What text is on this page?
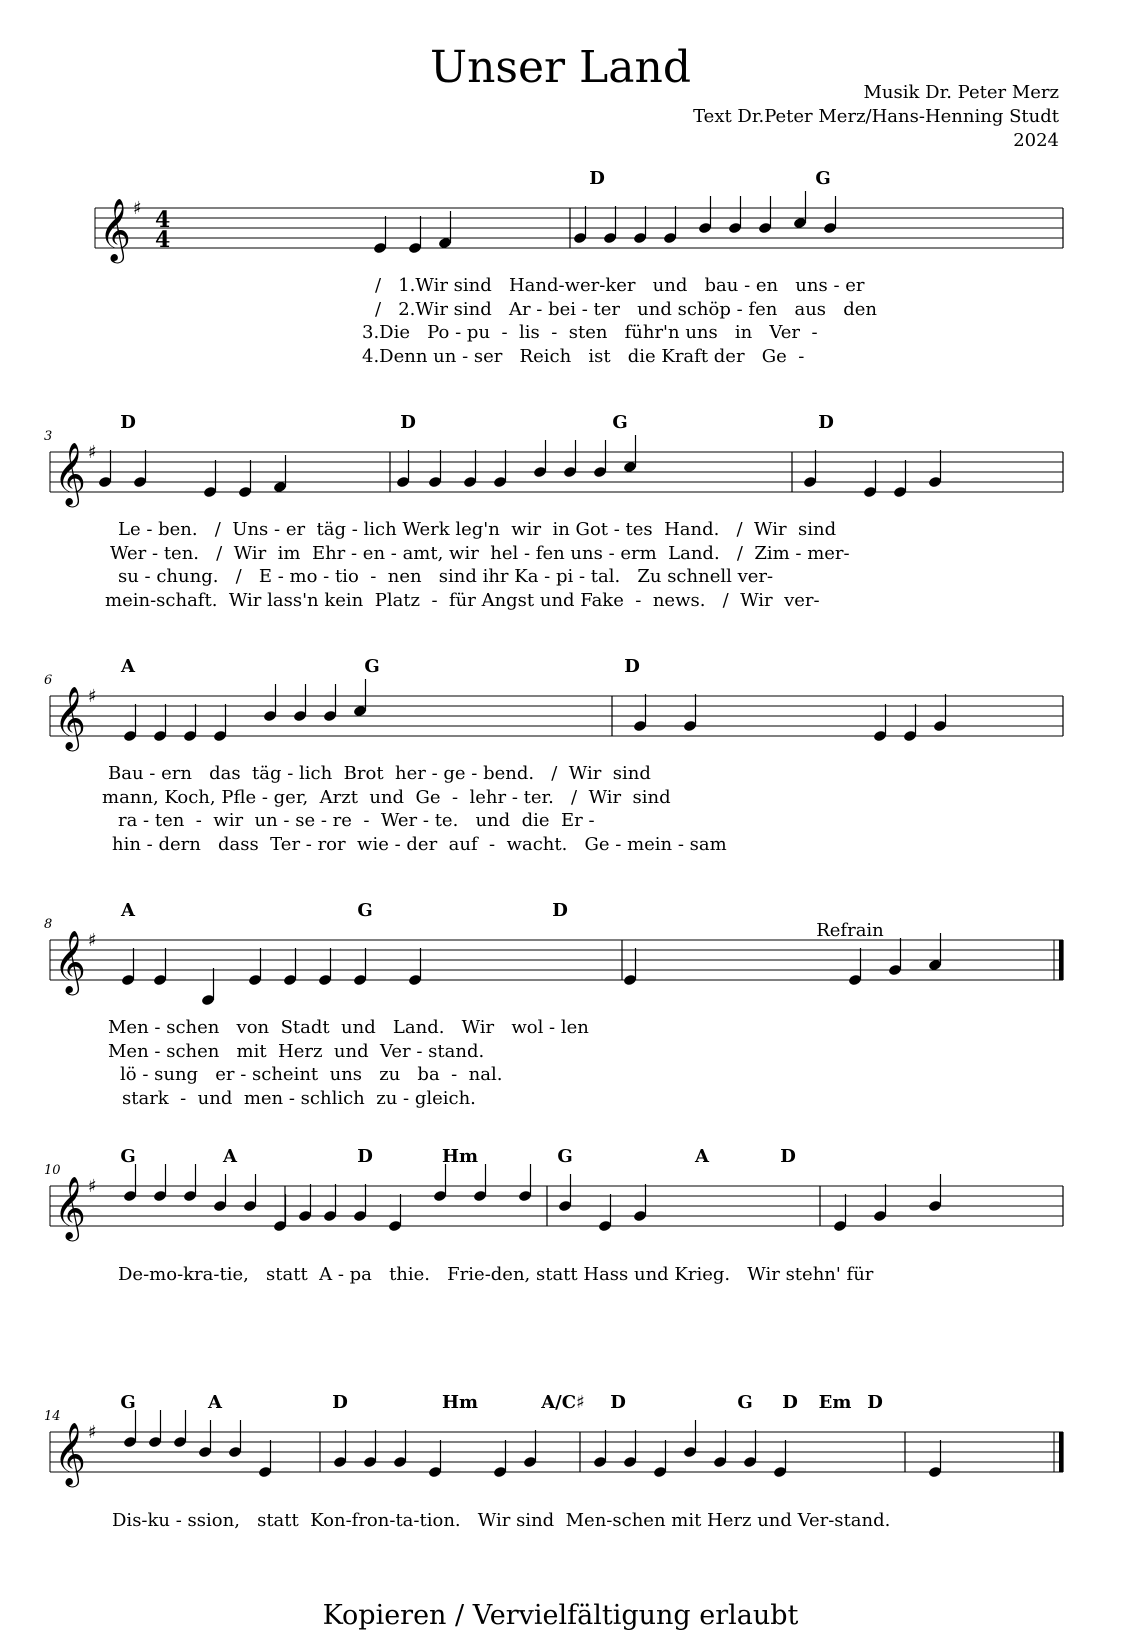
Unser Land	Musik Dr. Peter Merz
Text Dr.Peter Merz/Hans-Henning Studt
2024
𝄞 ♯ 4
4
/   1.Wir sind   Hand-wer-ker   und   bau - en   uns - er
/   2.Wir sind   Ar - bei - ter   und schöp - fen   aus   den
3.Die   Po - pu  -  lis  -  sten   führ'n uns   in   Ver  -
4.Denn un - ser   Reich   ist   die Kraft der   Ge  -
D	G
𝄞 ♯
Le - ben.   /  Uns - er  täg - lich Werk leg'n  wir  in Got - tes  Hand.   /  Wir  sind
Wer - ten.   /  Wir  im  Ehr - en - amt, wir  hel - fen uns - erm  Land.   /  Zim - mer-
su - chung.   /   E - mo - tio  -  nen   sind ihr Ka - pi - tal.   Zu schnell ver-
mein-schaft.  Wir lass'n kein  Platz  -  für Angst und Fake  -  news.   /  Wir  ver-
3
D	D	G	D
𝄞 ♯
Bau - ern   das  täg - lich  Brot  her - ge - bend.   /  Wir  sind
mann, Koch, Pfle - ger,  Arzt  und  Ge  -  lehr - ter.   /  Wir  sind
ra - ten  -  wir  un - se - re  -  Wer - te.   und  die  Er -
hin - dern   dass  Ter - ror  wie - der  auf  -  wacht.   Ge - mein - sam
6
A	G	D
𝄞 ♯
Men - schen   von  Stadt  und   Land.   Wir   wol - len
Men - schen   mit  Herz  und  Ver - stand.
lö - sung   er - scheint  uns   zu   ba  -  nal.
stark  -  und  men - schlich  zu - gleich.
8
A	G	D
Refrain
𝄞 ♯
De-mo-kra-tie,   statt  A - pa   thie.   Frie-den, statt Hass und Krieg.   Wir stehn' für
10
G	A	D	Hm	G	A	D
𝄞 ♯
Dis-ku - ssion,   statt  Kon-fron-ta-tion.   Wir sind  Men-schen mit Herz und Ver-stand.
14
G	A	D	Hm	A/C♯ D	G D Em D
Kopieren / Vervielfältigung erlaubt
